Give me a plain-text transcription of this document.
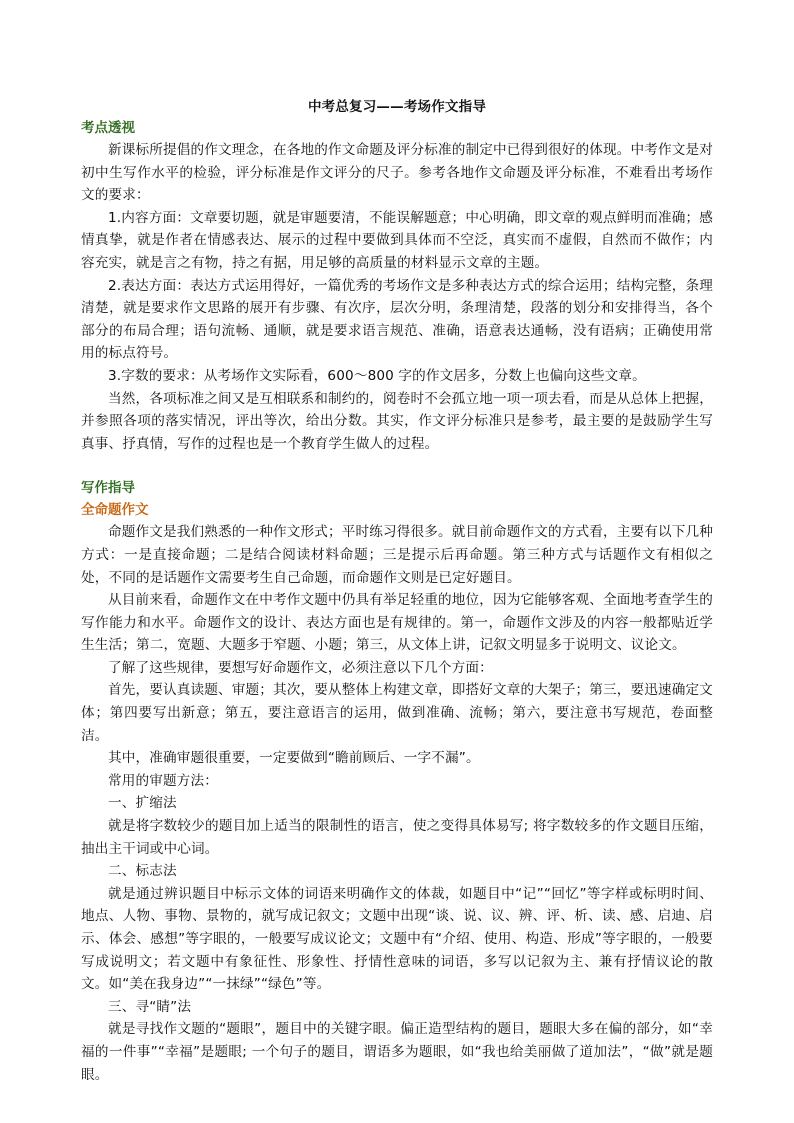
中考总复习——考场作文指导
考点透视

新课标所提倡的作文理念，在各地的作文命题及评分标准的制定中已得到很好的体现。中考作文是对初中生写作水平的检验，评分标准是作文评分的尺子。参考各地作文命题及评分标准，不难看出考场作文的要求：

1.内容方面：文章要切题，就是审题要清，不能误解题意；中心明确，即文章的观点鲜明而准确；感情真挚，就是作者在情感表达、展示的过程中要做到具体而不空泛，真实而不虚假，自然而不做作；内容充实，就是言之有物，持之有据，用足够的高质量的材料显示文章的主题。

2.表达方面：表达方式运用得好，一篇优秀的考场作文是多种表达方式的综合运用；结构完整，条理清楚，就是要求作文思路的展开有步骤、有次序，层次分明，条理清楚，段落的划分和安排得当，各个部分的布局合理；语句流畅、通顺，就是要求语言规范、准确，语意表达通畅，没有语病；正确使用常用的标点符号。

3.字数的要求：从考场作文实际看，600～800 字的作文居多，分数上也偏向这些文章。

当然，各项标准之间又是互相联系和制约的，阅卷时不会孤立地一项一项去看，而是从总体上把握，并参照各项的落实情况，评出等次，给出分数。其实，作文评分标准只是参考，最主要的是鼓励学生写真事、抒真情，写作的过程也是一个教育学生做人的过程。

写作指导
全命题作文

命题作文是我们熟悉的一种作文形式；平时练习得很多。就目前命题作文的方式看，主要有以下几种方式：一是直接命题；二是结合阅读材料命题；三是提示后再命题。第三种方式与话题作文有相似之处，不同的是话题作文需要考生自己命题，而命题作文则是已定好题目。

从目前来看，命题作文在中考作文题中仍具有举足轻重的地位，因为它能够客观、全面地考查学生的写作能力和水平。命题作文的设计、表达方面也是有规律的。第一，命题作文涉及的内容一般都贴近学生生活；第二，宽题、大题多于窄题、小题；第三，从文体上讲，记叙文明显多于说明文、议论文。

了解了这些规律，要想写好命题作文，必须注意以下几个方面：

首先，要认真读题、审题；其次，要从整体上构建文章，即搭好文章的大架子；第三，要迅速确定文体；第四要写出新意；第五，要注意语言的运用，做到准确、流畅；第六，要注意书写规范，卷面整洁。

其中，准确审题很重要，一定要做到“瞻前顾后、一字不漏”。

常用的审题方法：

一、扩缩法

就是将字数较少的题目加上适当的限制性的语言，使之变得具体易写; 将字数较多的作文题目压缩，抽出主干词或中心词。

二、标志法

就是通过辨识题目中标示文体的词语来明确作文的体裁，如题目中“记”“回忆”等字样或标明时间、地点、人物、事物、景物的，就写成记叙文；文题中出现“谈、说、议、辨、评、析、读、感、启迪、启示、体会、感想”等字眼的，一般要写成议论文；文题中有“介绍、使用、构造、形成”等字眼的，一般要写成说明文；若文题中有象征性、形象性、抒情性意味的词语，多写以记叙为主、兼有抒情议论的散文。如“美在我身边”“一抹绿”“绿色”等。

三、寻“睛”法

就是寻找作文题的“题眼”，题目中的关键字眼。偏正造型结构的题目，题眼大多在偏的部分，如“幸福的一件事”“幸福”是题眼; 一个句子的题目，谓语多为题眼，如“我也给美丽做了道加法”，“做”就是题眼。
